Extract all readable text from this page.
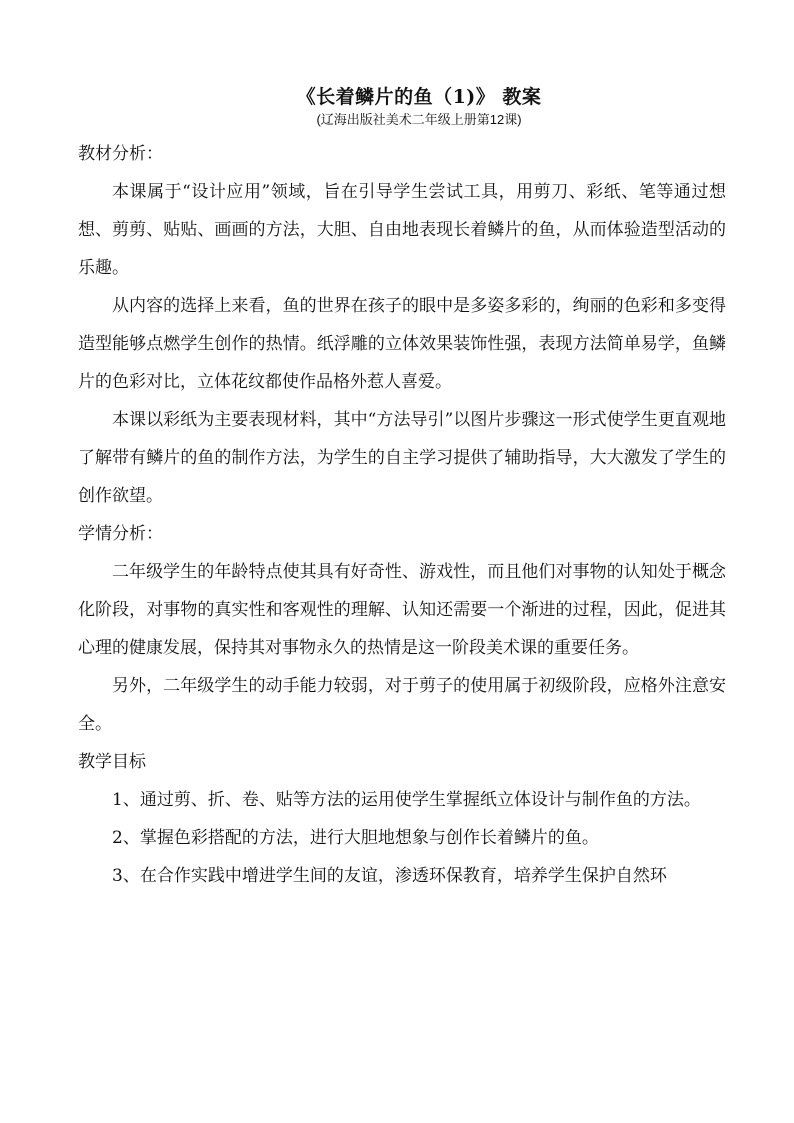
《长着鳞片的鱼（1)》 教案
(辽海出版社美术二年级上册第12课)

教材分析：

本课属于“设计应用”领域，旨在引导学生尝试工具，用剪刀、彩纸、笔等通过想想、剪剪、贴贴、画画的方法，大胆、自由地表现长着鳞片的鱼，从而体验造型活动的乐趣。

从内容的选择上来看，鱼的世界在孩子的眼中是多姿多彩的，绚丽的色彩和多变得造型能够点燃学生创作的热情。纸浮雕的立体效果装饰性强，表现方法简单易学，鱼鳞片的色彩对比，立体花纹都使作品格外惹人喜爱。

本课以彩纸为主要表现材料，其中“方法导引”以图片步骤这一形式使学生更直观地了解带有鳞片的鱼的制作方法，为学生的自主学习提供了辅助指导，大大激发了学生的创作欲望。

学情分析：

二年级学生的年龄特点使其具有好奇性、游戏性，而且他们对事物的认知处于概念化阶段，对事物的真实性和客观性的理解、认知还需要一个渐进的过程，因此，促进其心理的健康发展，保持其对事物永久的热情是这一阶段美术课的重要任务。

另外，二年级学生的动手能力较弱，对于剪子的使用属于初级阶段，应格外注意安全。

教学目标

1、通过剪、折、卷、贴等方法的运用使学生掌握纸立体设计与制作鱼的方法。

2、掌握色彩搭配的方法，进行大胆地想象与创作长着鳞片的鱼。

3、在合作实践中增进学生间的友谊，渗透环保教育，培养学生保护自然环
